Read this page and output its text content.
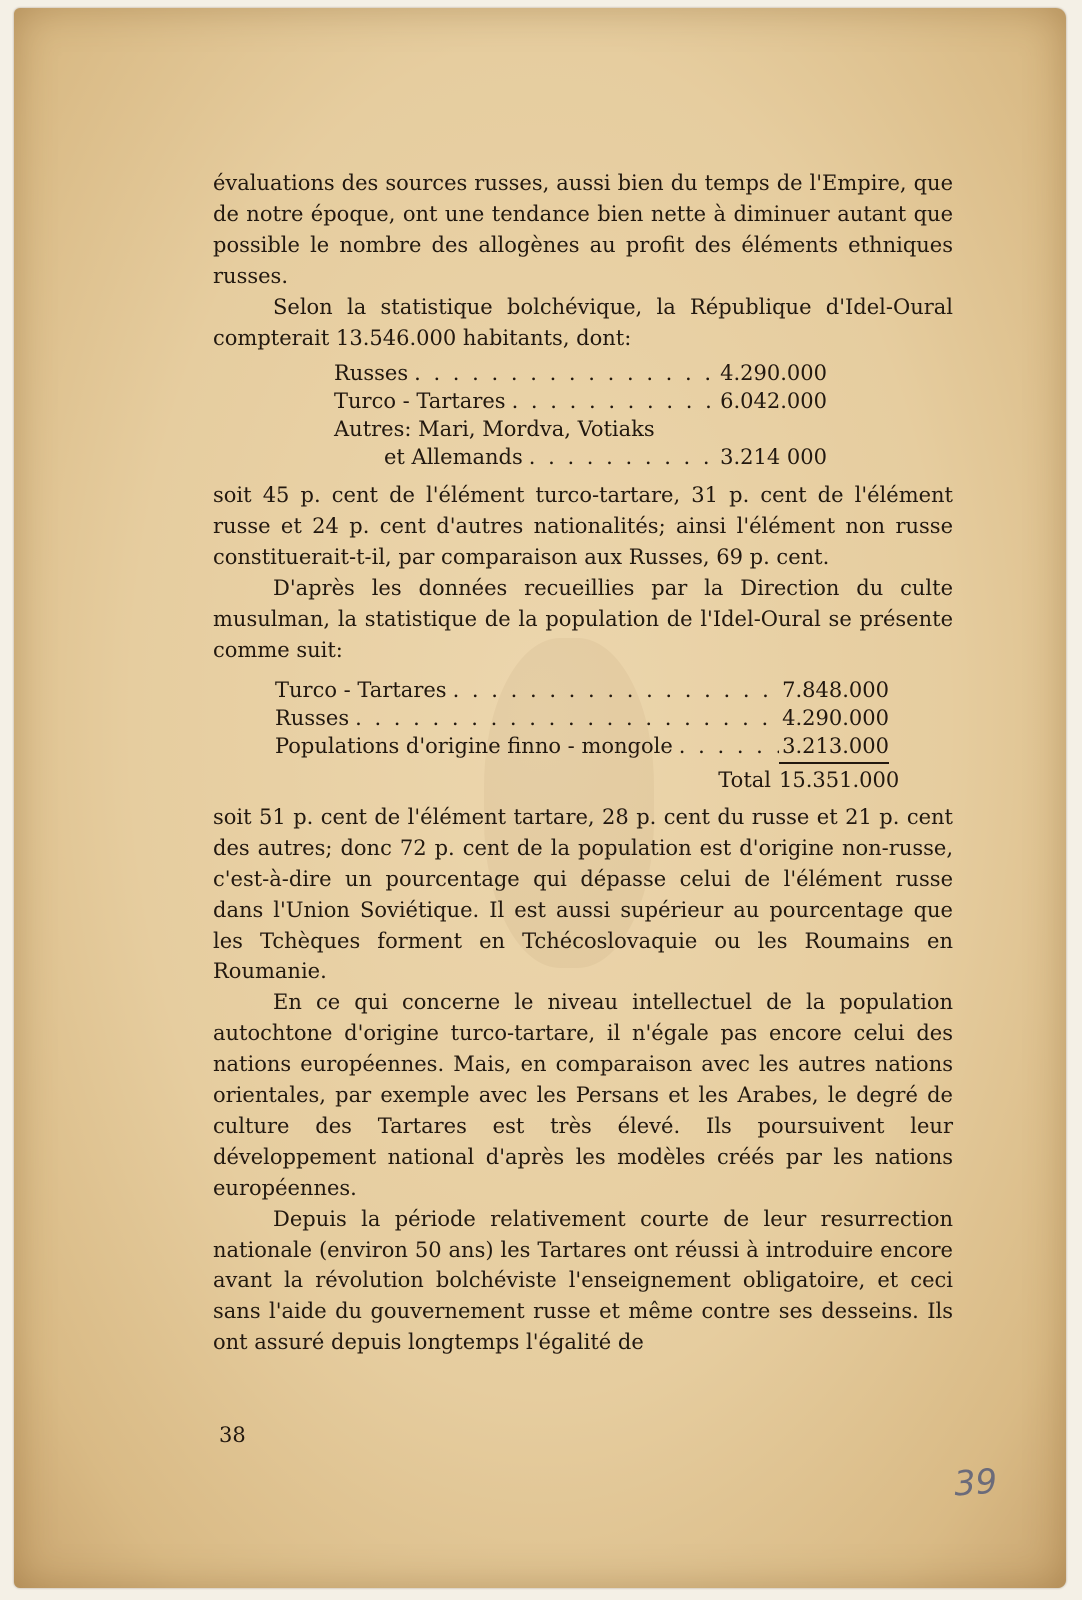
évaluations des sources russes, aussi bien du temps de l'Empire, que de notre époque, ont une tendance bien nette à diminuer autant que possible le nombre des allogènes au profit des éléments ethniques russes.

Selon la statistique bolchévique, la République d'Idel-Oural compterait 13.546.000 habitants, dont:

Russes . . .	4.290.000
Turco - Tartares . . .	6.042.000
Autres: Mari, Mordva, Votiaks
et Allemands . . .	3.214 000

soit 45 p. cent de l'élément turco-tartare, 31 p. cent de l'élément russe et 24 p. cent d'autres nationalités; ainsi l'élément non russe constituerait-t-il, par comparaison aux Russes, 69 p. cent.

D'après les données recueillies par la Direction du culte musulman, la statistique de la population de l'Idel-Oural se présente comme suit:

Turco - Tartares . . .	7.848.000
Russes . . .	4.290.000
Populations d'origine finno - mongole . . .	3.213.000
Total 15.351.000

soit 51 p. cent de l'élément tartare, 28 p. cent du russe et 21 p. cent des autres; donc 72 p. cent de la population est d'origine non-russe, c'est-à-dire un pourcentage qui dépasse celui de l'élément russe dans l'Union Soviétique. Il est aussi supérieur au pourcentage que les Tchèques forment en Tchécoslovaquie ou les Roumains en Roumanie.

En ce qui concerne le niveau intellectuel de la population autochtone d'origine turco-tartare, il n'égale pas encore celui des nations européennes. Mais, en comparaison avec les autres nations orientales, par exemple avec les Persans et les Arabes, le degré de culture des Tartares est très élevé. Ils poursuivent leur développement national d'après les modèles créés par les nations européennes.

Depuis la période relativement courte de leur resurrection nationale (environ 50 ans) les Tartares ont réussi à introduire encore avant la révolution bolchéviste l'enseignement obligatoire, et ceci sans l'aide du gouvernement russe et même contre ses desseins. Ils ont assuré depuis longtemps l'égalité de

38
39
